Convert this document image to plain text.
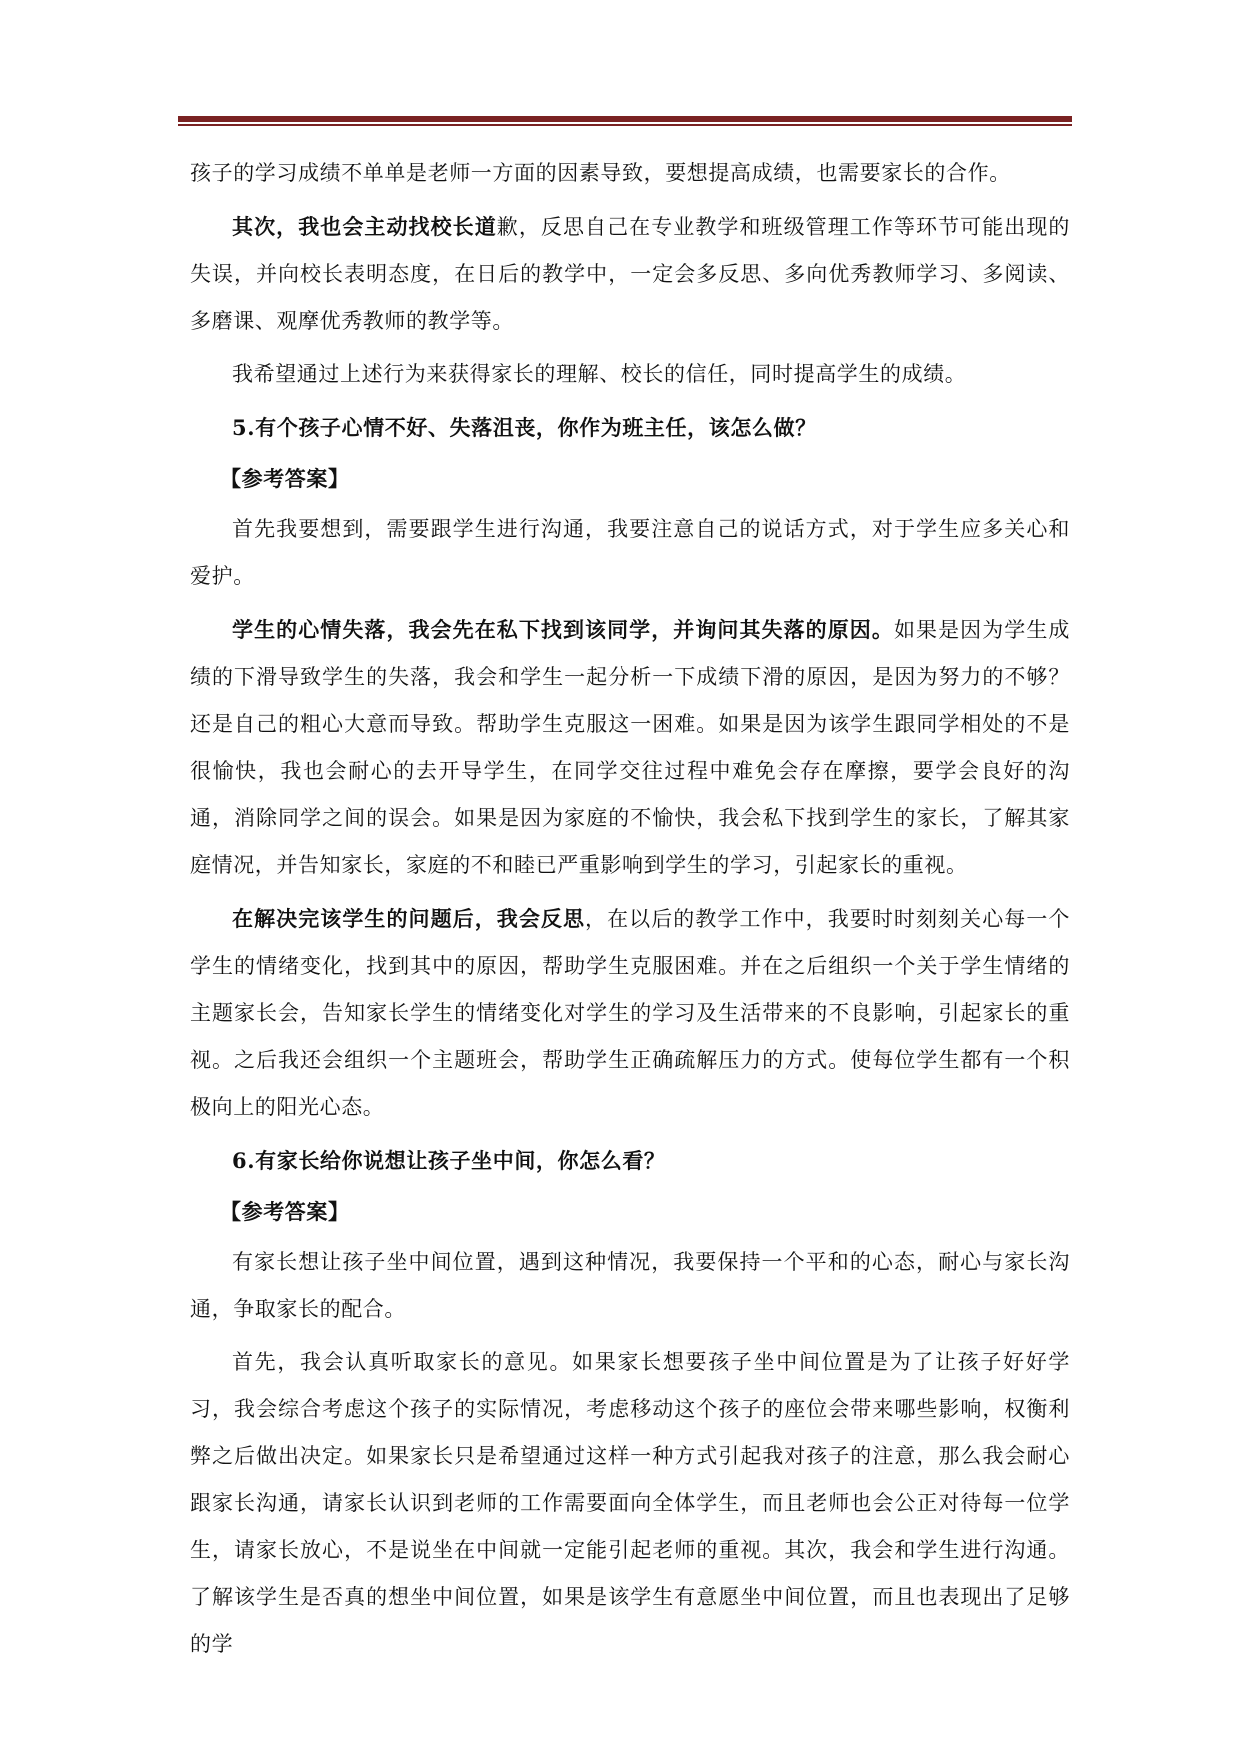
孩子的学习成绩不单单是老师一方面的因素导致，要想提高成绩，也需要家长的合作。

其次，我也会主动找校长道歉，反思自己在专业教学和班级管理工作等环节可能出现的失误，并向校长表明态度，在日后的教学中，一定会多反思、多向优秀教师学习、多阅读、多磨课、观摩优秀教师的教学等。

我希望通过上述行为来获得家长的理解、校长的信任，同时提高学生的成绩。

5.有个孩子心情不好、失落沮丧，你作为班主任，该怎么做？

【参考答案】

首先我要想到，需要跟学生进行沟通，我要注意自己的说话方式，对于学生应多关心和爱护。

学生的心情失落，我会先在私下找到该同学，并询问其失落的原因。如果是因为学生成绩的下滑导致学生的失落，我会和学生一起分析一下成绩下滑的原因，是因为努力的不够？还是自己的粗心大意而导致。帮助学生克服这一困难。如果是因为该学生跟同学相处的不是很愉快，我也会耐心的去开导学生，在同学交往过程中难免会存在摩擦，要学会良好的沟通，消除同学之间的误会。如果是因为家庭的不愉快，我会私下找到学生的家长，了解其家庭情况，并告知家长，家庭的不和睦已严重影响到学生的学习，引起家长的重视。

在解决完该学生的问题后，我会反思，在以后的教学工作中，我要时时刻刻关心每一个学生的情绪变化，找到其中的原因，帮助学生克服困难。并在之后组织一个关于学生情绪的主题家长会，告知家长学生的情绪变化对学生的学习及生活带来的不良影响，引起家长的重视。之后我还会组织一个主题班会，帮助学生正确疏解压力的方式。使每位学生都有一个积极向上的阳光心态。

6.有家长给你说想让孩子坐中间，你怎么看？

【参考答案】

有家长想让孩子坐中间位置，遇到这种情况，我要保持一个平和的心态，耐心与家长沟通，争取家长的配合。

首先，我会认真听取家长的意见。如果家长想要孩子坐中间位置是为了让孩子好好学习，我会综合考虑这个孩子的实际情况，考虑移动这个孩子的座位会带来哪些影响，权衡利弊之后做出决定。如果家长只是希望通过这样一种方式引起我对孩子的注意，那么我会耐心跟家长沟通，请家长认识到老师的工作需要面向全体学生，而且老师也会公正对待每一位学生，请家长放心，不是说坐在中间就一定能引起老师的重视。其次，我会和学生进行沟通。了解该学生是否真的想坐中间位置，如果是该学生有意愿坐中间位置，而且也表现出了足够的学
